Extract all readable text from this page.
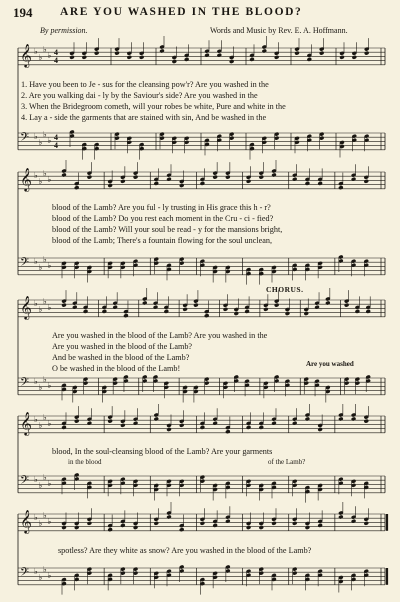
194 ARE YOU WASHED IN THE BLOOD?
By permission.	Words and Music by Rev. E. A. Hoffmann.
𝄞 ♭
♭
♭
♭ 4
4
𝄢 ♭
♭
♭
♭ 4
4
1. Have you been to Je - sus for the cleansing pow'r? Are you washed in the
2. Are you walking dai - ly by the Saviour's side? Are you washed in the
3. When the Bridegroom cometh, will your robes be white, Pure and white in the
4. Lay a - side the garments that are stained with sin, And be washed in the
𝄞 ♭
♭
♭
♭
𝄢 ♭
♭
♭
♭
blood of the Lamb? Are you ful - ly trusting in His grace this h - r?
blood of the Lamb? Do you rest each moment in the Cru - ci - fied?
blood of the Lamb? Will your soul be read - y for the mansions bright,
blood of the Lamb; There's a fountain flowing for the soul unclean,
CHORUS.
𝄞 ♭
♭
♭
♭
𝄢 ♭
♭
♭
♭
Are you washed in the blood of the Lamb? Are you washed in the
Are you washed in the blood of the Lamb?
And be washed in the blood of the Lamb?
O be washed in the blood of the Lamb!	Are you washed
𝄞 ♭
♭
♭
♭
𝄢 ♭
♭
♭
♭
blood, In the soul-cleansing blood of the Lamb? Are your garments
in the blood	of the Lamb?
𝄞 ♭
♭
♭
♭
𝄢 ♭
♭
♭
♭
spotless? Are they white as snow? Are you washed in the blood of the Lamb?
